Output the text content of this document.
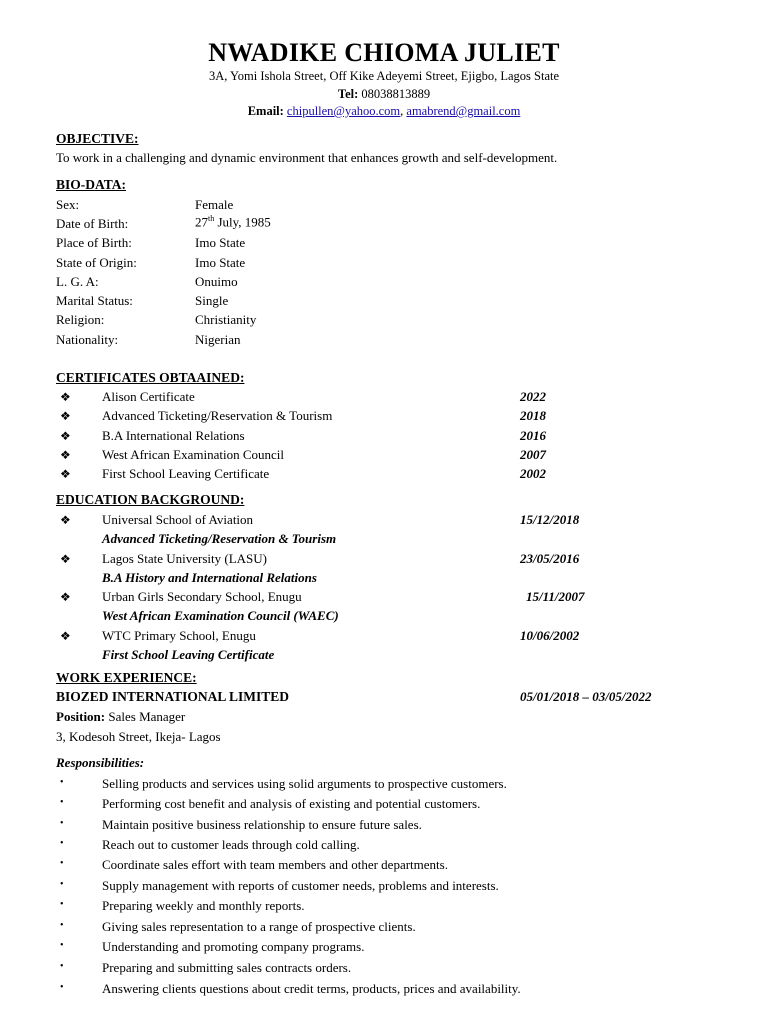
NWADIKE CHIOMA JULIET
3A, Yomi Ishola Street, Off Kike Adeyemi Street, Ejigbo, Lagos State
Tel: 08038813889
Email: chipullen@yahoo.com, amabrend@gmail.com
OBJECTIVE:
To work in a challenging and dynamic environment that enhances growth and self-development.
BIO-DATA:
Sex:	Female
Date of Birth:	27th July, 1985
Place of Birth:	Imo State
State of Origin:	Imo State
L. G. A:	Onuimo
Marital Status:	Single
Religion:	Christianity
Nationality:	Nigerian
CERTIFICATES OBTAAINED:
❖ Alison Certificate	2022
❖ Advanced Ticketing/Reservation & Tourism	2018
❖ B.A International Relations	2016
❖ West African Examination Council	2007
❖ First School Leaving Certificate	2002
EDUCATION BACKGROUND:
❖ Universal School of Aviation	15/12/2018
Advanced Ticketing/Reservation & Tourism
❖ Lagos State University (LASU)	23/05/2016
B.A History and International Relations
❖ Urban Girls Secondary School, Enugu	15/11/2007
West African Examination Council (WAEC)
❖ WTC Primary School, Enugu	10/06/2002
First School Leaving Certificate
WORK EXPERIENCE:
BIOZED INTERNATIONAL LIMITED	05/01/2018 – 03/05/2022
Position: Sales Manager
3, Kodesoh Street, Ikeja- Lagos
Responsibilities:
•	Selling products and services using solid arguments to prospective customers.
•	Performing cost benefit and analysis of existing and potential customers.
•	Maintain positive business relationship to ensure future sales.
•	Reach out to customer leads through cold calling.
•	Coordinate sales effort with team members and other departments.
•	Supply management with reports of customer needs, problems and interests.
•	Preparing weekly and monthly reports.
•	Giving sales representation to a range of prospective clients.
•	Understanding and promoting company programs.
•	Preparing and submitting sales contracts orders.
•	Answering clients questions about credit terms, products, prices and availability.
